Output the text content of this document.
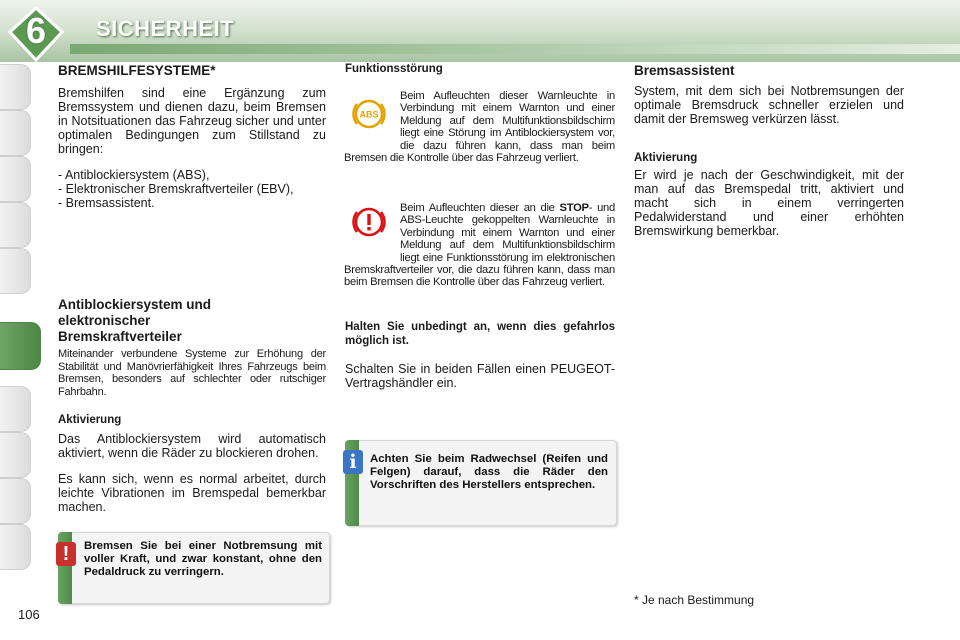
6	SICHERHEIT
BREMSHILFESYSTEME*
Bremshilfen sind eine Ergänzung zum Bremssystem und dienen dazu, beim Bremsen in Notsituationen das Fahrzeug sicher und unter optimalen Bedingungen zum Stillstand zu bringen:
- Antiblockiersystem (ABS),
- Elektronischer Bremskraftverteiler (EBV),
- Bremsassistent.
Antiblockiersystem und elektronischer Bremskraftverteiler
Miteinander verbundene Systeme zur Erhöhung der Stabilität und Manövrierfähigkeit Ihres Fahrzeugs beim Bremsen, besonders auf schlechter oder rutschiger Fahrbahn.
Aktivierung
Das Antiblockiersystem wird automatisch aktiviert, wenn die Räder zu blockieren drohen.
Es kann sich, wenn es normal arbeitet, durch leichte Vibrationen im Bremspedal bemerkbar machen.
!	Bremsen Sie bei einer Notbremsung mit voller Kraft, und zwar konstant, ohne den Pedaldruck zu verringern.
Funktionsstörung
ABS
Beim Aufleuchten dieser Warnleuchte in Verbindung mit einem Warnton und einer Meldung auf dem Multifunktionsbildschirm liegt eine Störung im Antiblockiersystem vor, die dazu führen kann, dass man beim Bremsen die Kontrolle über das Fahrzeug verliert.
Beim Aufleuchten dieser an die STOP- und ABS-Leuchte gekoppelten Warnleuchte in Verbindung mit einem Warnton und einer Meldung auf dem Multifunktionsbildschirm liegt eine Funktionsstörung im elektronischen Bremskraftverteiler vor, die dazu führen kann, dass man beim Bremsen die Kontrolle über das Fahrzeug verliert.
Halten Sie unbedingt an, wenn dies gefahrlos möglich ist.
Schalten Sie in beiden Fällen einen PEUGEOT-Vertragshändler ein.
i	Achten Sie beim Radwechsel (Reifen und Felgen) darauf, dass die Räder den Vorschriften des Herstellers entsprechen.
Bremsassistent
System, mit dem sich bei Notbremsungen der optimale Bremsdruck schneller erzielen und damit der Bremsweg verkürzen lässt.
Aktivierung
Er wird je nach der Geschwindigkeit, mit der man auf das Bremspedal tritt, aktiviert und macht sich in einem verringerten Pedalwiderstand und einer erhöhten Bremswirkung bemerkbar.
* Je nach Bestimmung
106
